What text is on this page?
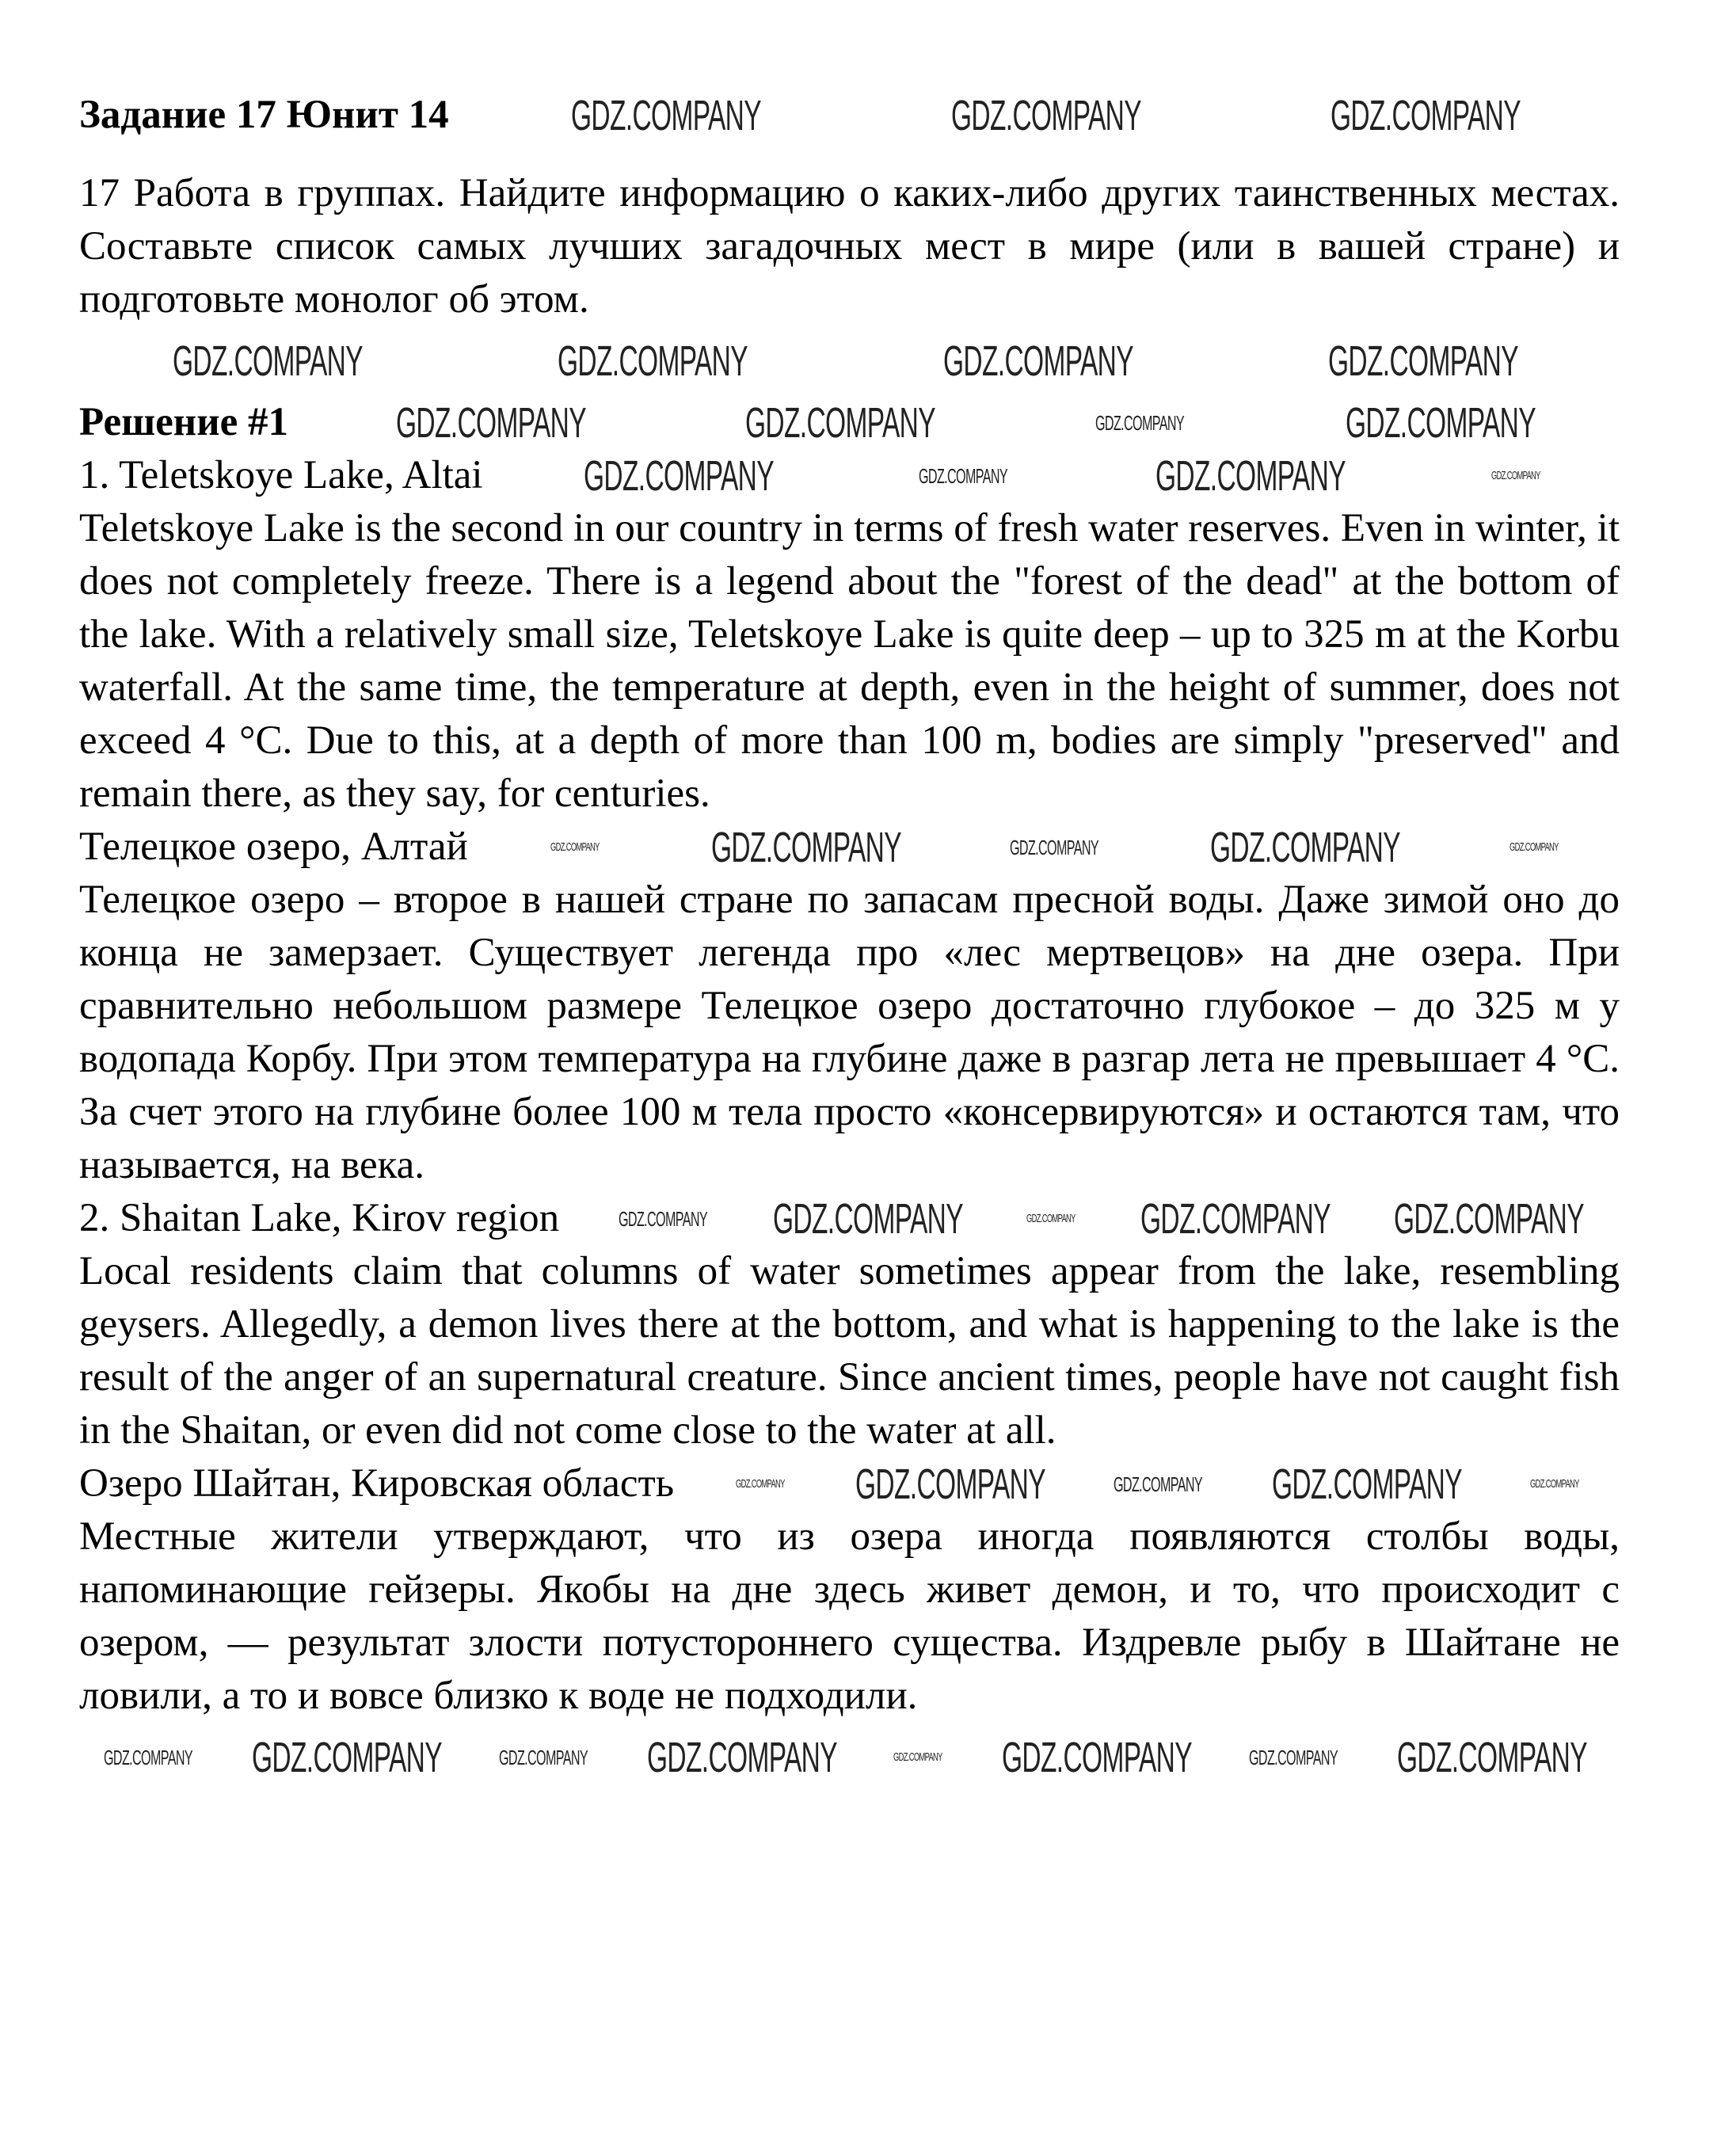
Задание 17 Юнит 14	GDZ.COMPANY	GDZ.COMPANY	GDZ.COMPANY

17 Работа в группах. Найдите информацию о каких-либо других таинственных местах. Составьте список самых лучших загадочных мест в мире (или в вашей стране) и подготовьте монолог об этом.

GDZ.COMPANY	GDZ.COMPANY	GDZ.COMPANY	GDZ.COMPANY

Решение #1	GDZ.COMPANY	GDZ.COMPANY	GDZ.COMPANY	GDZ.COMPANY

1. Teletskoye Lake, Altai GDZ.COMPANY	GDZ.COMPANY	GDZ.COMPANY	GDZ.COMPANY

Teletskoye Lake is the second in our country in terms of fresh water reserves. Even in winter, it does not completely freeze. There is a legend about the "forest of the dead" at the bottom of the lake. With a relatively small size, Teletskoye Lake is quite deep – up to 325 m at the Korbu waterfall. At the same time, the temperature at depth, even in the height of summer, does not exceed 4 °C. Due to this, at a depth of more than 100 m, bodies are simply "preserved" and remain there, as they say, for centuries.

Телецкое озеро, Алтай	GDZ.COMPANY	GDZ.COMPANY	GDZ.COMPANY	GDZ.COMPANY	GDZ.COMPANY

Телецкое озеро – второе в нашей стране по запасам пресной воды. Даже зимой оно до конца не замерзает. Существует легенда про «лес мертвецов» на дне озера. При сравнительно небольшом размере Телецкое озеро достаточно глубокое – до 325 м у водопада Корбу. При этом температура на глубине даже в разгар лета не превышает 4 °С. За счет этого на глубине более 100 м тела просто «консервируются» и остаются там, что называется, на века.

2. Shaitan Lake, Kirov region	GDZ.COMPANY GDZ.COMPANY	GDZ.COMPANY GDZ.COMPANY GDZ.COMPANY

Local residents claim that columns of water sometimes appear from the lake, resembling geysers. Allegedly, a demon lives there at the bottom, and what is happening to the lake is the result of the anger of an supernatural creature. Since ancient times, people have not caught fish in the Shaitan, or even did not come close to the water at all.

Озеро Шайтан, Кировская область	GDZ.COMPANY GDZ.COMPANY	GDZ.COMPANY GDZ.COMPANY	GDZ.COMPANY

Местные жители утверждают, что из озера иногда появляются столбы воды, напоминающие гейзеры. Якобы на дне здесь живет демон, и то, что происходит с озером, — результат злости потустороннего существа. Издревле рыбу в Шайтане не ловили, а то и вовсе близко к воде не подходили.

GDZ.COMPANY GDZ.COMPANY	GDZ.COMPANY GDZ.COMPANY	GDZ.COMPANY GDZ.COMPANY	GDZ.COMPANY GDZ.COMPANY
